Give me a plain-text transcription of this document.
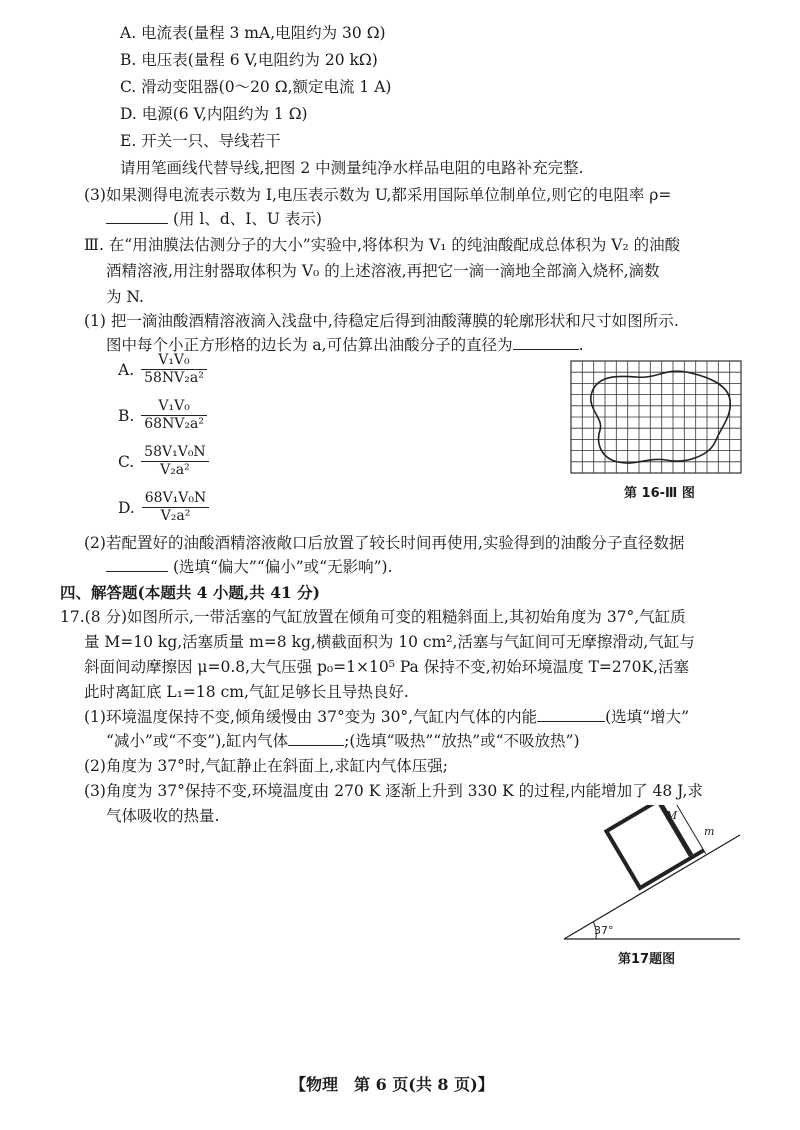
A. 电流表(量程 3 mA,电阻约为 30 Ω)
B. 电压表(量程 6 V,电阻约为 20 kΩ)
C. 滑动变阻器(0～20 Ω,额定电流 1 A)
D. 电源(6 V,内阻约为 1 Ω)
E. 开关一只、导线若干
请用笔画线代替导线,把图 2 中测量纯净水样品电阻的电路补充完整.
(3)如果测得电流表示数为 I,电压表示数为 U,都采用国际单位制单位,则它的电阻率 ρ=
(用 l、d、I、U 表示)
Ⅲ. 在“用油膜法估测分子的大小”实验中,将体积为 V₁ 的纯油酸配成总体积为 V₂ 的油酸
酒精溶液,用注射器取体积为 V₀ 的上述溶液,再把它一滴一滴地全部滴入烧杯,滴数
为 N.
(1) 把一滴油酸酒精溶液滴入浅盘中,待稳定后得到油酸薄膜的轮廓形状和尺寸如图所示.
图中每个小正方形格的边长为 a,可估算出油酸分子的直径为	.
A. $\frac{\text{V₁V₀}}{\text{58NV₂a²}}$
B. $\frac{\text{V₁V₀}}{\text{68NV₂a²}}$
C. $\frac{\text{58V₁V₀N}}{\text{V₂a²}}$
D. $\frac{\text{68V₁V₀N}}{\text{V₂a²}}$	第 16-Ⅲ 图
(2)若配置好的油酸酒精溶液敞口后放置了较长时间再使用,实验得到的油酸分子直径数据
(选填“偏大”“偏小”或“无影响”).
四、解答题(本题共 4 小题,共 41 分)
17.(8 分)如图所示,一带活塞的气缸放置在倾角可变的粗糙斜面上,其初始角度为 37°,气缸质
量 M=10 kg,活塞质量 m=8 kg,横截面积为 10 cm²,活塞与气缸间可无摩擦滑动,气缸与
斜面间动摩擦因 μ=0.8,大气压强 p₀=1×10⁵ Pa 保持不变,初始环境温度 T=270K,活塞
此时离缸底 L₁=18 cm,气缸足够长且导热良好.
(1)环境温度保持不变,倾角缓慢由 37°变为 30°,气缸内气体的内能	(选填“增大”
“减小”或“不变”),缸内气体	;(选填“吸热”“放热”或“不吸放热”)
(2)角度为 37°时,气缸静止在斜面上,求缸内气体压强;
(3)角度为 37°保持不变,环境温度由 270 K 逐渐上升到 330 K 的过程,内能增加了 48 J,求
气体吸收的热量.
37°
M
m
第17题图
【物理　第 6 页(共 8 页)】
